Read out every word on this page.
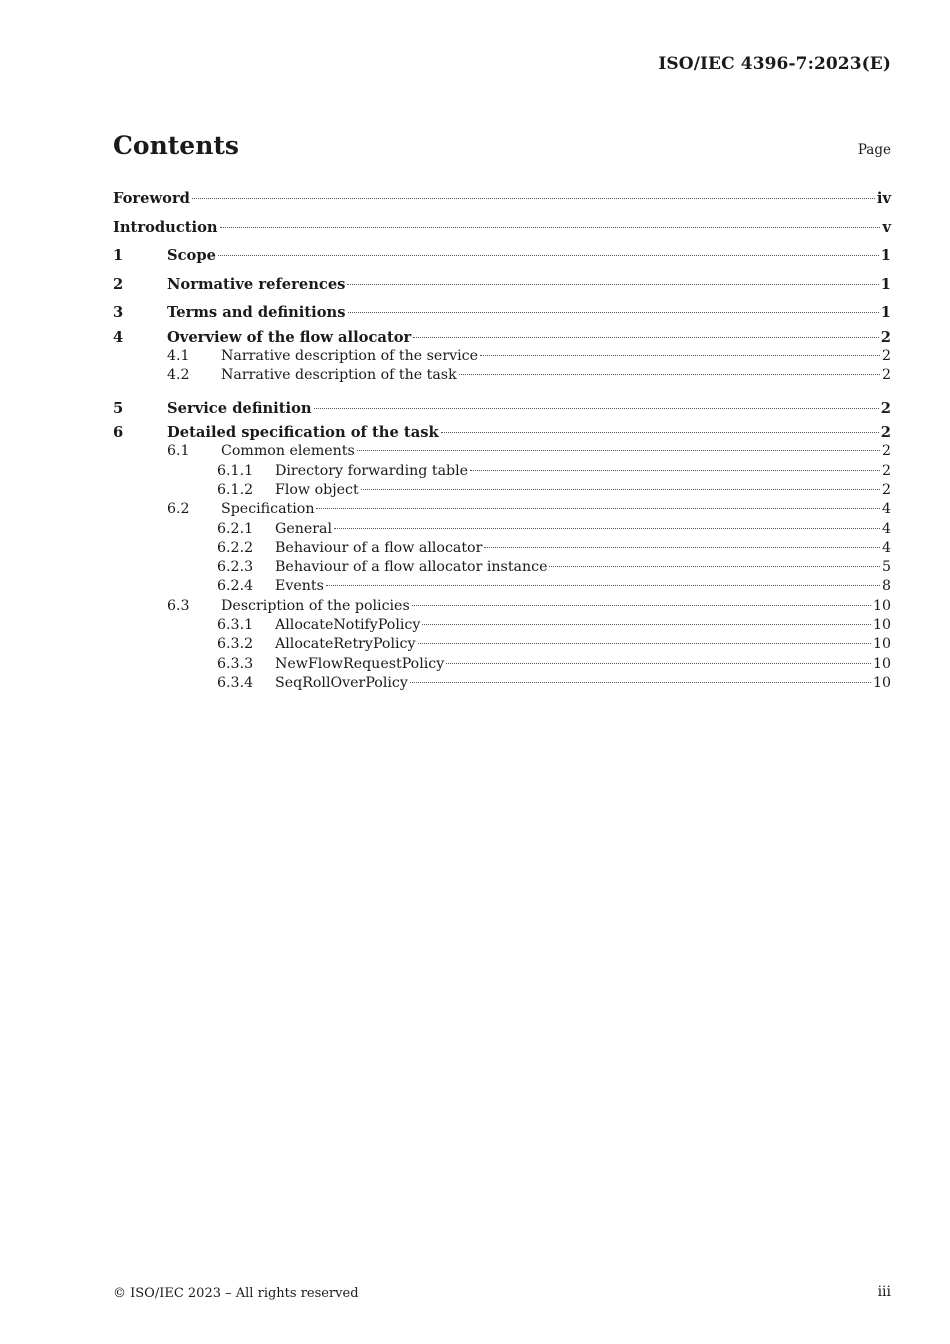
ISO/IEC 4396-7:2023(E)
Contents	Page
Foreword	iv
Introduction	v
1	Scope	1
2	Normative references	1
3	Terms and definitions	1
4	Overview of the flow allocator	2
4.1	Narrative description of the service	2
4.2	Narrative description of the task	2
5	Service definition	2
6	Detailed specification of the task	2
6.1	Common elements	2
6.1.1	Directory forwarding table	2
6.1.2	Flow object	2
6.2	Specification	4
6.2.1	General	4
6.2.2	Behaviour of a flow allocator	4
6.2.3	Behaviour of a flow allocator instance	5
6.2.4	Events	8
6.3	Description of the policies	10
6.3.1	AllocateNotifyPolicy	10
6.3.2	AllocateRetryPolicy	10
6.3.3	NewFlowRequestPolicy	10
6.3.4	SeqRollOverPolicy	10
© ISO/IEC 2023 – All rights reserved	iii
